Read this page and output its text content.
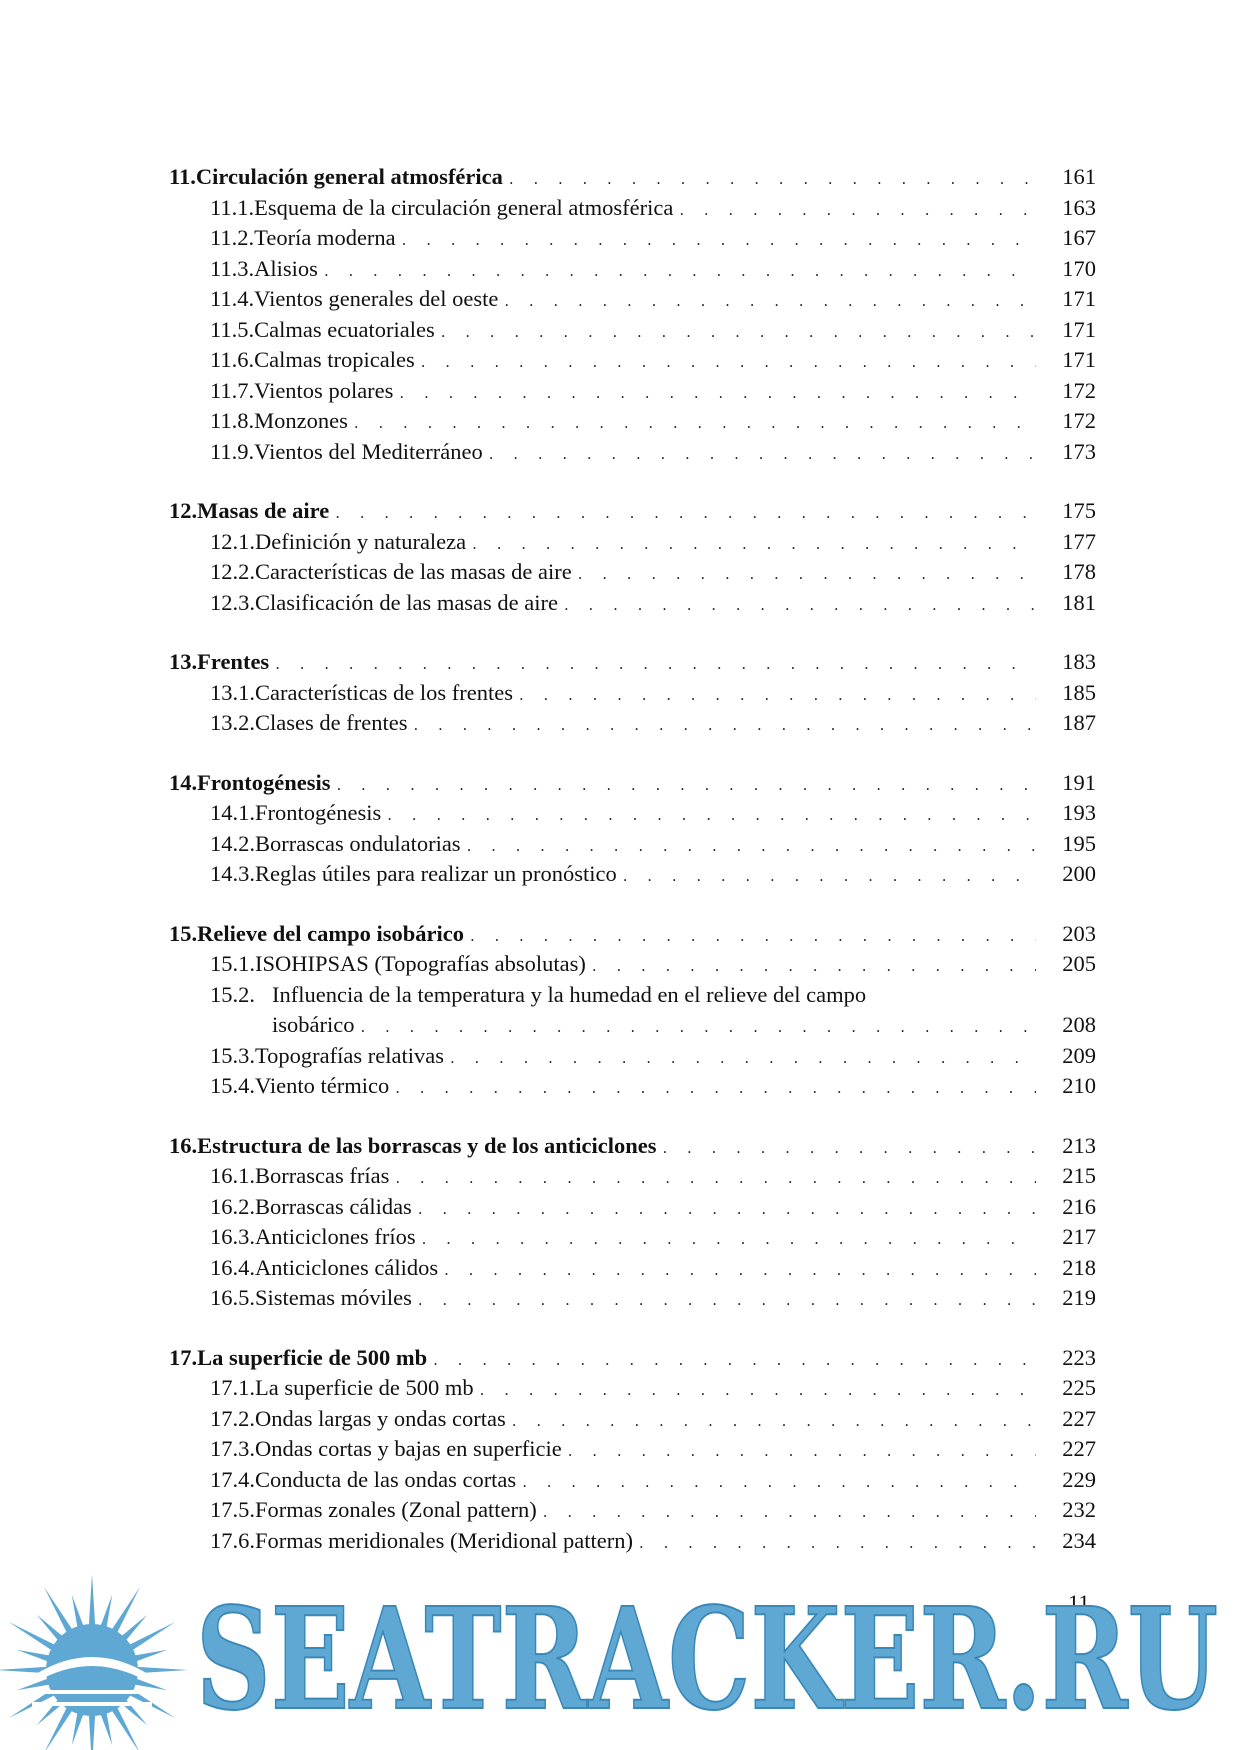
11. Circulación general atmosférica . . .	161
11.1. Esquema de la circulación general atmosférica . . .	163
11.2. Teoría moderna . . .	167
11.3. Alisios . . .	170
11.4. Vientos generales del oeste . . .	171
11.5. Calmas ecuatoriales . . .	171
11.6. Calmas tropicales . . .	171
11.7. Vientos polares . . .	172
11.8. Monzones . . .	172
11.9. Vientos del Mediterráneo . . .	173
12. Masas de aire . . .	175
12.1. Definición y naturaleza . . .	177
12.2. Características de las masas de aire . . .	178
12.3. Clasificación de las masas de aire . . .	181
13. Frentes . . .	183
13.1. Características de los frentes . . .	185
13.2. Clases de frentes . . .	187
14. Frontogénesis . . .	191
14.1. Frontogénesis . . .	193
14.2. Borrascas ondulatorias . . .	195
14.3. Reglas útiles para realizar un pronóstico . . .	200
15. Relieve del campo isobárico . . .	203
15.1. ISOHIPSAS (Topografías absolutas) . . .	205
15.2. Influencia de la temperatura y la humedad en el relieve del campo
isobárico . . .	208
15.3. Topografías relativas . . .	209
15.4. Viento térmico . . .	210
16. Estructura de las borrascas y de los anticiclones . . .	213
16.1. Borrascas frías . . .	215
16.2. Borrascas cálidas . . .	216
16.3. Anticiclones fríos . . .	217
16.4. Anticiclones cálidos . . .	218
16.5. Sistemas móviles . . .	219
17. La superficie de 500 mb . . .	223
17.1. La superficie de 500 mb . . .	225
17.2. Ondas largas y ondas cortas . . .	227
17.3. Ondas cortas y bajas en superficie . . .	227
17.4. Conducta de las ondas cortas . . .	229
17.5. Formas zonales (Zonal pattern) . . .	232
17.6. Formas meridionales (Meridional pattern) . . .	234
11
SEATRACKER.RU
